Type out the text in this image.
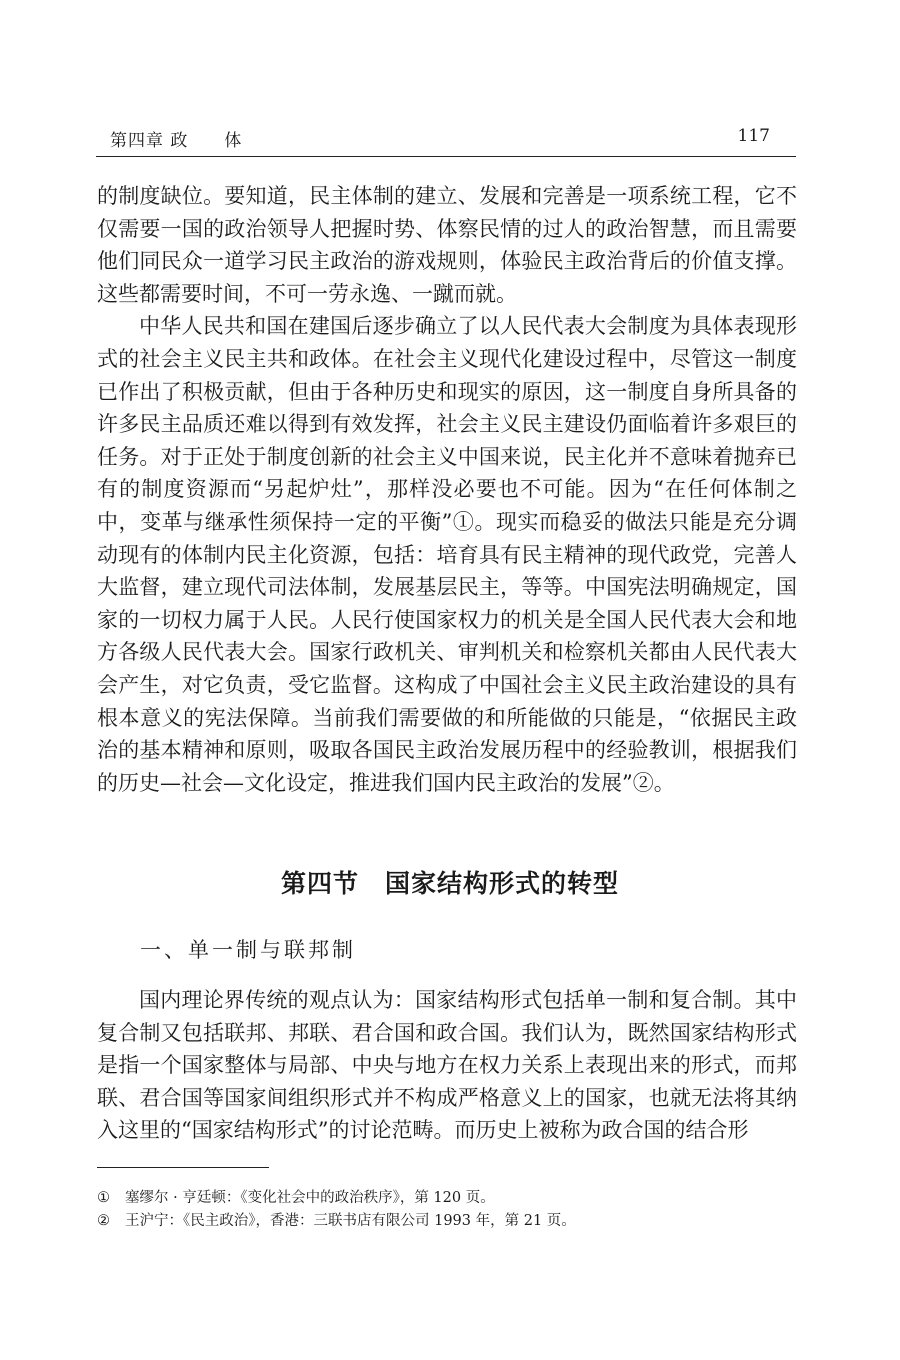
第四章 政　　体	117

的制度缺位。要知道，民主体制的建立、发展和完善是一项系统工程，它不仅需要一国的政治领导人把握时势、体察民情的过人的政治智慧，而且需要他们同民众一道学习民主政治的游戏规则，体验民主政治背后的价值支撑。这些都需要时间，不可一劳永逸、一蹴而就。

中华人民共和国在建国后逐步确立了以人民代表大会制度为具体表现形式的社会主义民主共和政体。在社会主义现代化建设过程中，尽管这一制度已作出了积极贡献，但由于各种历史和现实的原因，这一制度自身所具备的许多民主品质还难以得到有效发挥，社会主义民主建设仍面临着许多艰巨的任务。对于正处于制度创新的社会主义中国来说，民主化并不意味着抛弃已有的制度资源而“另起炉灶”，那样没必要也不可能。因为“在任何体制之中，变革与继承性须保持一定的平衡”①。现实而稳妥的做法只能是充分调动现有的体制内民主化资源，包括：培育具有民主精神的现代政党，完善人大监督，建立现代司法体制，发展基层民主，等等。中国宪法明确规定，国家的一切权力属于人民。人民行使国家权力的机关是全国人民代表大会和地方各级人民代表大会。国家行政机关、审判机关和检察机关都由人民代表大会产生，对它负责，受它监督。这构成了中国社会主义民主政治建设的具有根本意义的宪法保障。当前我们需要做的和所能做的只能是，“依据民主政治的基本精神和原则，吸取各国民主政治发展历程中的经验教训，根据我们的历史—社会—文化设定，推进我们国内民主政治的发展”②。

第四节　国家结构形式的转型
一、单一制与联邦制

国内理论界传统的观点认为：国家结构形式包括单一制和复合制。其中复合制又包括联邦、邦联、君合国和政合国。我们认为，既然国家结构形式是指一个国家整体与局部、中央与地方在权力关系上表现出来的形式，而邦联、君合国等国家间组织形式并不构成严格意义上的国家，也就无法将其纳入这里的“国家结构形式”的讨论范畴。而历史上被称为政合国的结合形

① 塞缪尔 · 亨廷顿：《变化社会中的政治秩序》，第 120 页。
② 王沪宁：《民主政治》，香港：三联书店有限公司 1993 年，第 21 页。
